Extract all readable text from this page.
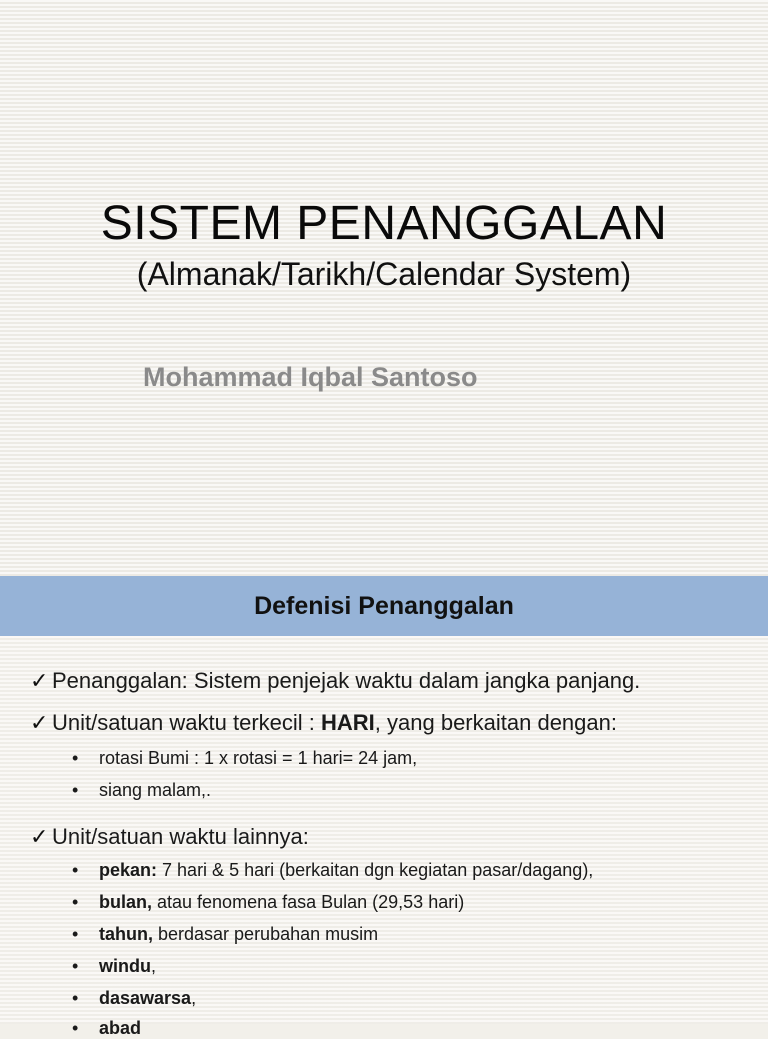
SISTEM PENANGGALAN
(Almanak/Tarikh/Calendar System)
Mohammad Iqbal Santoso
Defenisi Penanggalan
✓ Penanggalan: Sistem penjejak waktu dalam jangka panjang.
✓ Unit/satuan waktu terkecil : HARI, yang berkaitan dengan:
• rotasi Bumi : 1 x rotasi = 1 hari= 24 jam,
• siang malam,.
✓ Unit/satuan waktu lainnya:
• pekan: 7 hari & 5 hari (berkaitan dgn kegiatan pasar/dagang),
• bulan, atau fenomena fasa Bulan (29,53 hari)
• tahun, berdasar perubahan musim
• windu,
• dasawarsa,
• abad
